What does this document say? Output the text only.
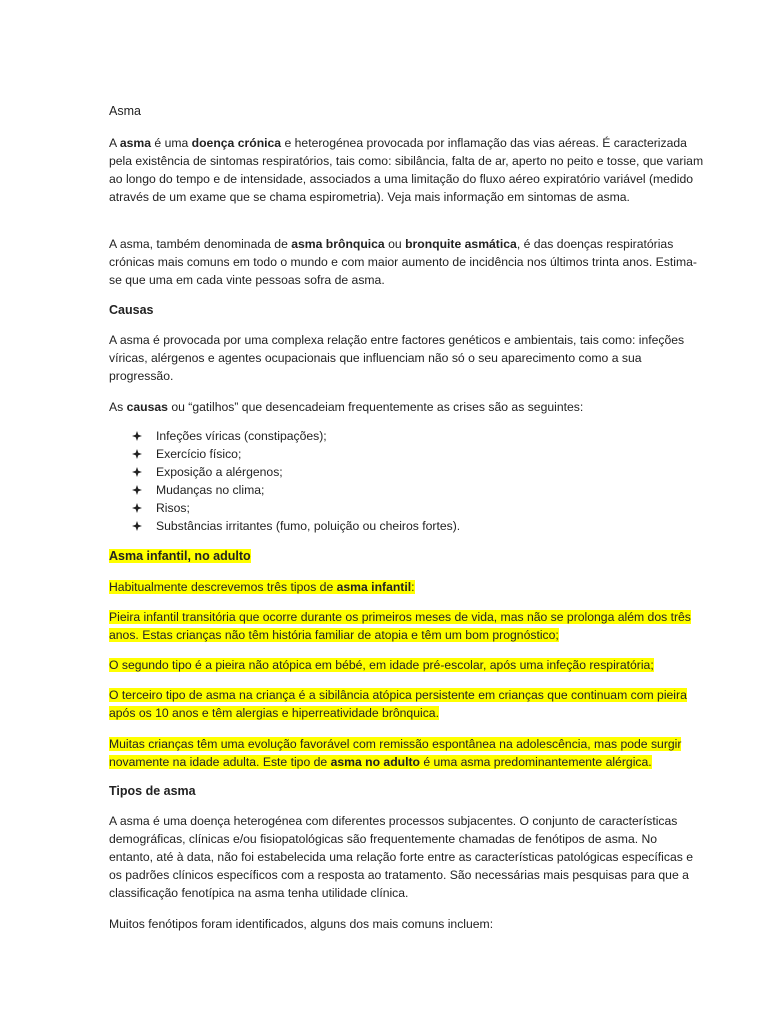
Asma

A asma é uma doença crónica e heterogénea provocada por inflamação das vias aéreas. É caracterizada pela existência de sintomas respiratórios, tais como: sibilância, falta de ar, aperto no peito e tosse, que variam ao longo do tempo e de intensidade, associados a uma limitação do fluxo aéreo expiratório variável (medido através de um exame que se chama espirometria). Veja mais informação em sintomas de asma.

A asma, também denominada de asma brônquica ou bronquite asmática, é das doenças respiratórias crónicas mais comuns em todo o mundo e com maior aumento de incidência nos últimos trinta anos. Estima-se que uma em cada vinte pessoas sofra de asma.

Causas

A asma é provocada por uma complexa relação entre factores genéticos e ambientais, tais como: infeções víricas, alérgenos e agentes ocupacionais que influenciam não só o seu aparecimento como a sua progressão.

As causas ou “gatilhos” que desencadeiam frequentemente as crises são as seguintes:

Infeções víricas (constipações);
Exercício físico;
Exposição a alérgenos;
Mudanças no clima;
Risos;
Substâncias irritantes (fumo, poluição ou cheiros fortes).

Asma infantil, no adulto

Habitualmente descrevemos três tipos de asma infantil:

Pieira infantil transitória que ocorre durante os primeiros meses de vida, mas não se prolonga além dos três anos. Estas crianças não têm história familiar de atopia e têm um bom prognóstico;

O segundo tipo é a pieira não atópica em bébé, em idade pré-escolar, após uma infeção respiratória;

O terceiro tipo de asma na criança é a sibilância atópica persistente em crianças que continuam com pieira após os 10 anos e têm alergias e hiperreatividade brônquica.

Muitas crianças têm uma evolução favorável com remissão espontânea na adolescência, mas pode surgir novamente na idade adulta. Este tipo de asma no adulto é uma asma predominantemente alérgica.

Tipos de asma

A asma é uma doença heterogénea com diferentes processos subjacentes. O conjunto de características demográficas, clínicas e/ou fisiopatológicas são frequentemente chamadas de fenótipos de asma. No entanto, até à data, não foi estabelecida uma relação forte entre as características patológicas específicas e os padrões clínicos específicos com a resposta ao tratamento. São necessárias mais pesquisas para que a classificação fenotípica na asma tenha utilidade clínica.

Muitos fenótipos foram identificados, alguns dos mais comuns incluem:
